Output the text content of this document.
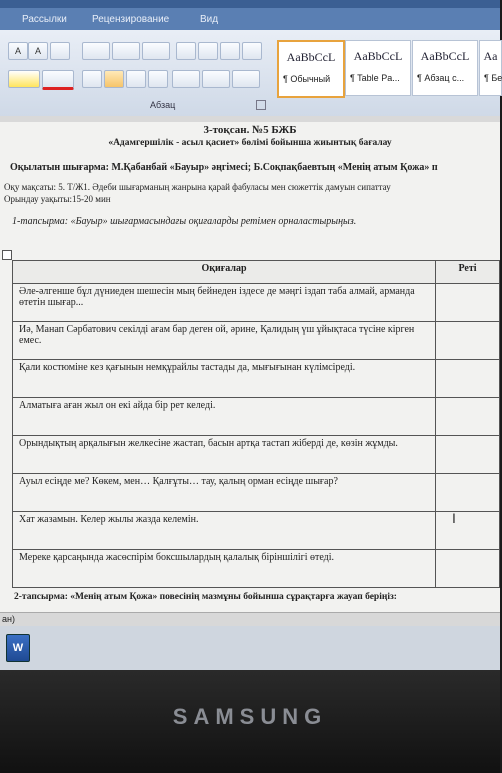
Рассылки	Рецензирование	Вид
A	A
Абзац
AaBbCcL
¶ Обычный
AaBbCcL
¶ Table Pa...
AaBbCcL
¶ Абзац с...
Aa
¶ Бе
3-тоқсан. №5 БЖБ
«Адамгершілік - асыл қасиет» бөлімі бойынша жиынтық бағалау
Оқылатын шығарма: М.Қабанбай «Бауыр» әңгімесі; Б.Соқпақбаевтың «Менің атым Қожа» п
Оқу мақсаты: 5. Т/Ж1. Әдеби шығарманың жанрына қарай фабуласы мен сюжеттік дамуын сипаттау
Орындау уақыты:15-20 мин
1-тапсырма: «Бауыр» шығармасындағы оқиғаларды ретімен орналастырыңыз.
Оқиғалар	Реті
Әле-әлгенше бұл дүниеден шешесін мың бейнеден іздесе де мәңгі іздап таба алмай, арманда өтетін шығар...	
Иә, Манап Сәрбатович секілді ағам бар деген ой, әрине, Қалидың үш ұйықтаса түсіне кірген емес.	
Қали костюміне кез қағынын немқұрайлы тастады да, мығығынан күлімсіреді.	
Алматыға аған жыл он екі айда бір рет келеді.	
Орындықтың арқалығын желкесіне жастап, басын артқа тастап жіберді де, көзін жұмды.	
Ауыл есіңде ме? Көкем, мен… Қалғұты… тау, қалың орман есіңде шығар?	
Хат жазамын. Келер жылы жазда келемін.	
Мереке қарсаңында жасөспірім боксшылардың қалалық біріншілігі өтеді.	
I
2-тапсырма: «Менің атым Қожа» повесінің мазмұны бойынша сұрақтарға жауап беріңіз:
ан)
W
SAMSUNG
